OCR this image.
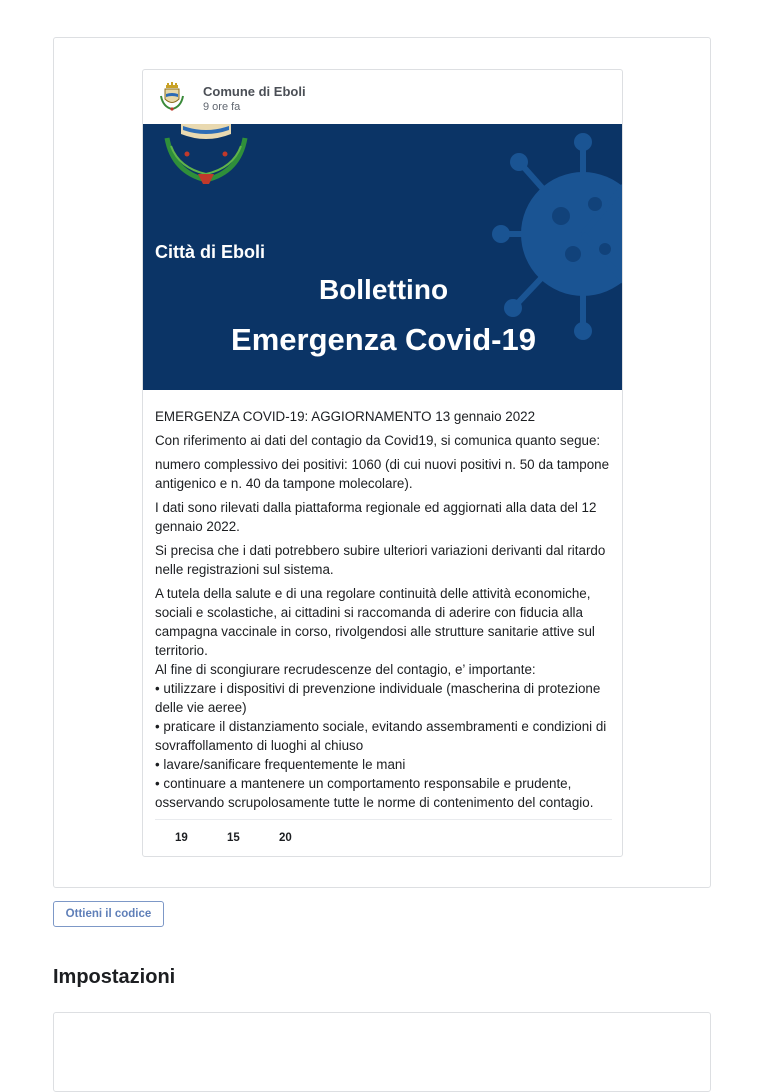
Comune di Eboli
9 ore fa
Città di Eboli
Bollettino
Emergenza Covid-19

EMERGENZA COVID-19: AGGIORNAMENTO 13 gennaio 2022

Con riferimento ai dati del contagio da Covid19, si comunica quanto segue:

numero complessivo dei positivi: 1060 (di cui nuovi positivi n. 50 da tampone antigenico e n. 40 da tampone molecolare).

I dati sono rilevati dalla piattaforma regionale ed aggiornati alla data del 12 gennaio 2022.

Si precisa che i dati potrebbero subire ulteriori variazioni derivanti dal ritardo nelle registrazioni sul sistema.

A tutela della salute e di una regolare continuità delle attività economiche, sociali e scolastiche, ai cittadini si raccomanda di aderire con fiducia alla campagna vaccinale in corso, rivolgendosi alle strutture sanitarie attive sul territorio.

Al fine di scongiurare recrudescenze del contagio, e’ importante:

• utilizzare i dispositivi di prevenzione individuale (mascherina di protezione delle vie aeree)

• praticare il distanziamento sociale, evitando assembramenti e condizioni di sovraffollamento di luoghi al chiuso

• lavare/sanificare frequentemente le mani

• continuare a mantenere un comportamento responsabile e prudente, osservando scrupolosamente tutte le norme di contenimento del contagio.

19	15	20
Ottieni il codice
Impostazioni
